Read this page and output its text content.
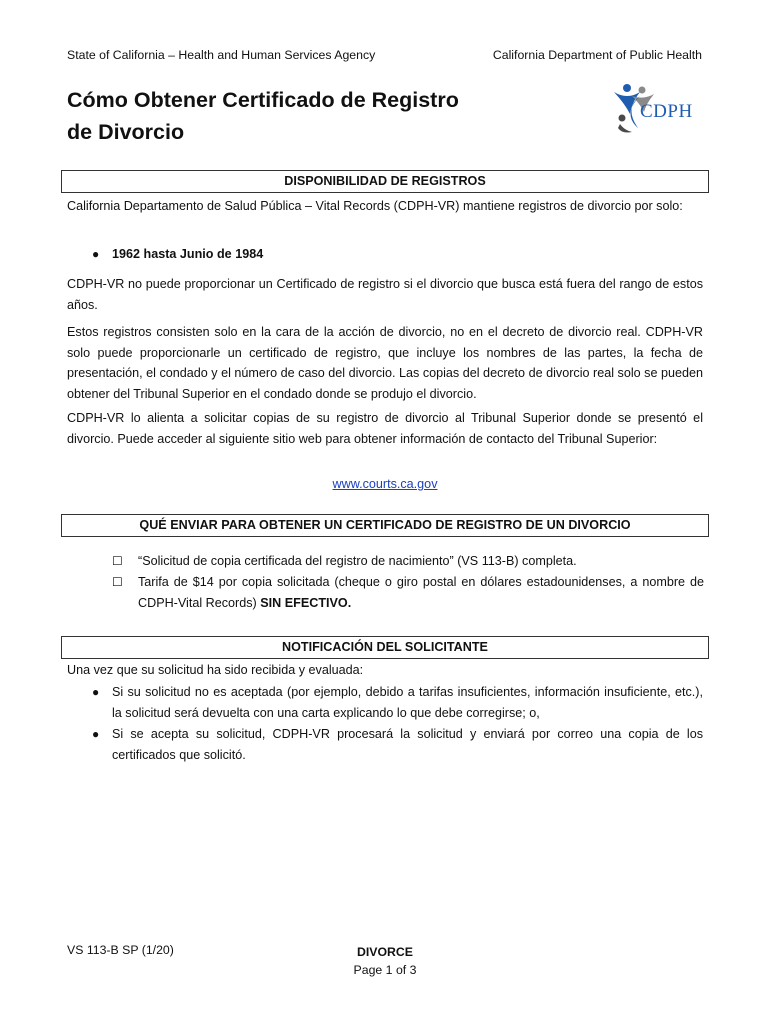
State of California – Health and Human Services Agency	California Department of Public Health
Cómo Obtener Certificado de Registro
de Divorcio
CDPH
DISPONIBILIDAD DE REGISTROS

California Departamento de Salud Pública – Vital Records (CDPH-VR) mantiene registros de divorcio por solo:

● 1962 hasta Junio de 1984

CDPH-VR no puede proporcionar un Certificado de registro si el divorcio que busca está fuera del rango de estos años.

Estos registros consisten solo en la cara de la acción de divorcio, no en el decreto de divorcio real. CDPH-VR solo puede proporcionarle un certificado de registro, que incluye los nombres de las partes, la fecha de presentación, el condado y el número de caso del divorcio. Las copias del decreto de divorcio real solo se pueden obtener del Tribunal Superior en el condado donde se produjo el divorcio.

CDPH-VR lo alienta a solicitar copias de su registro de divorcio al Tribunal Superior donde se presentó el divorcio. Puede acceder al siguiente sitio web para obtener información de contacto del Tribunal Superior:

www.courts.ca.gov
QUÉ ENVIAR PARA OBTENER UN CERTIFICADO DE REGISTRO DE UN DIVORCIO
☐ “Solicitud de copia certificada del registro de nacimiento” (VS 113-B) completa.

☐ Tarifa de $14 por copia solicitada (cheque o giro postal en dólares estadounidenses, a nombre de CDPH-Vital Records) SIN EFECTIVO.

NOTIFICACIÓN DEL SOLICITANTE

Una vez que su solicitud ha sido recibida y evaluada:

● Si su solicitud no es aceptada (por ejemplo, debido a tarifas insuficientes, información insuficiente, etc.), la solicitud será devuelta con una carta explicando lo que debe corregirse; o,

● Si se acepta su solicitud, CDPH-VR procesará la solicitud y enviará por correo una copia de los certificados que solicitó.

VS 113-B SP (1/20)	DIVORCE
Page 1 of 3
